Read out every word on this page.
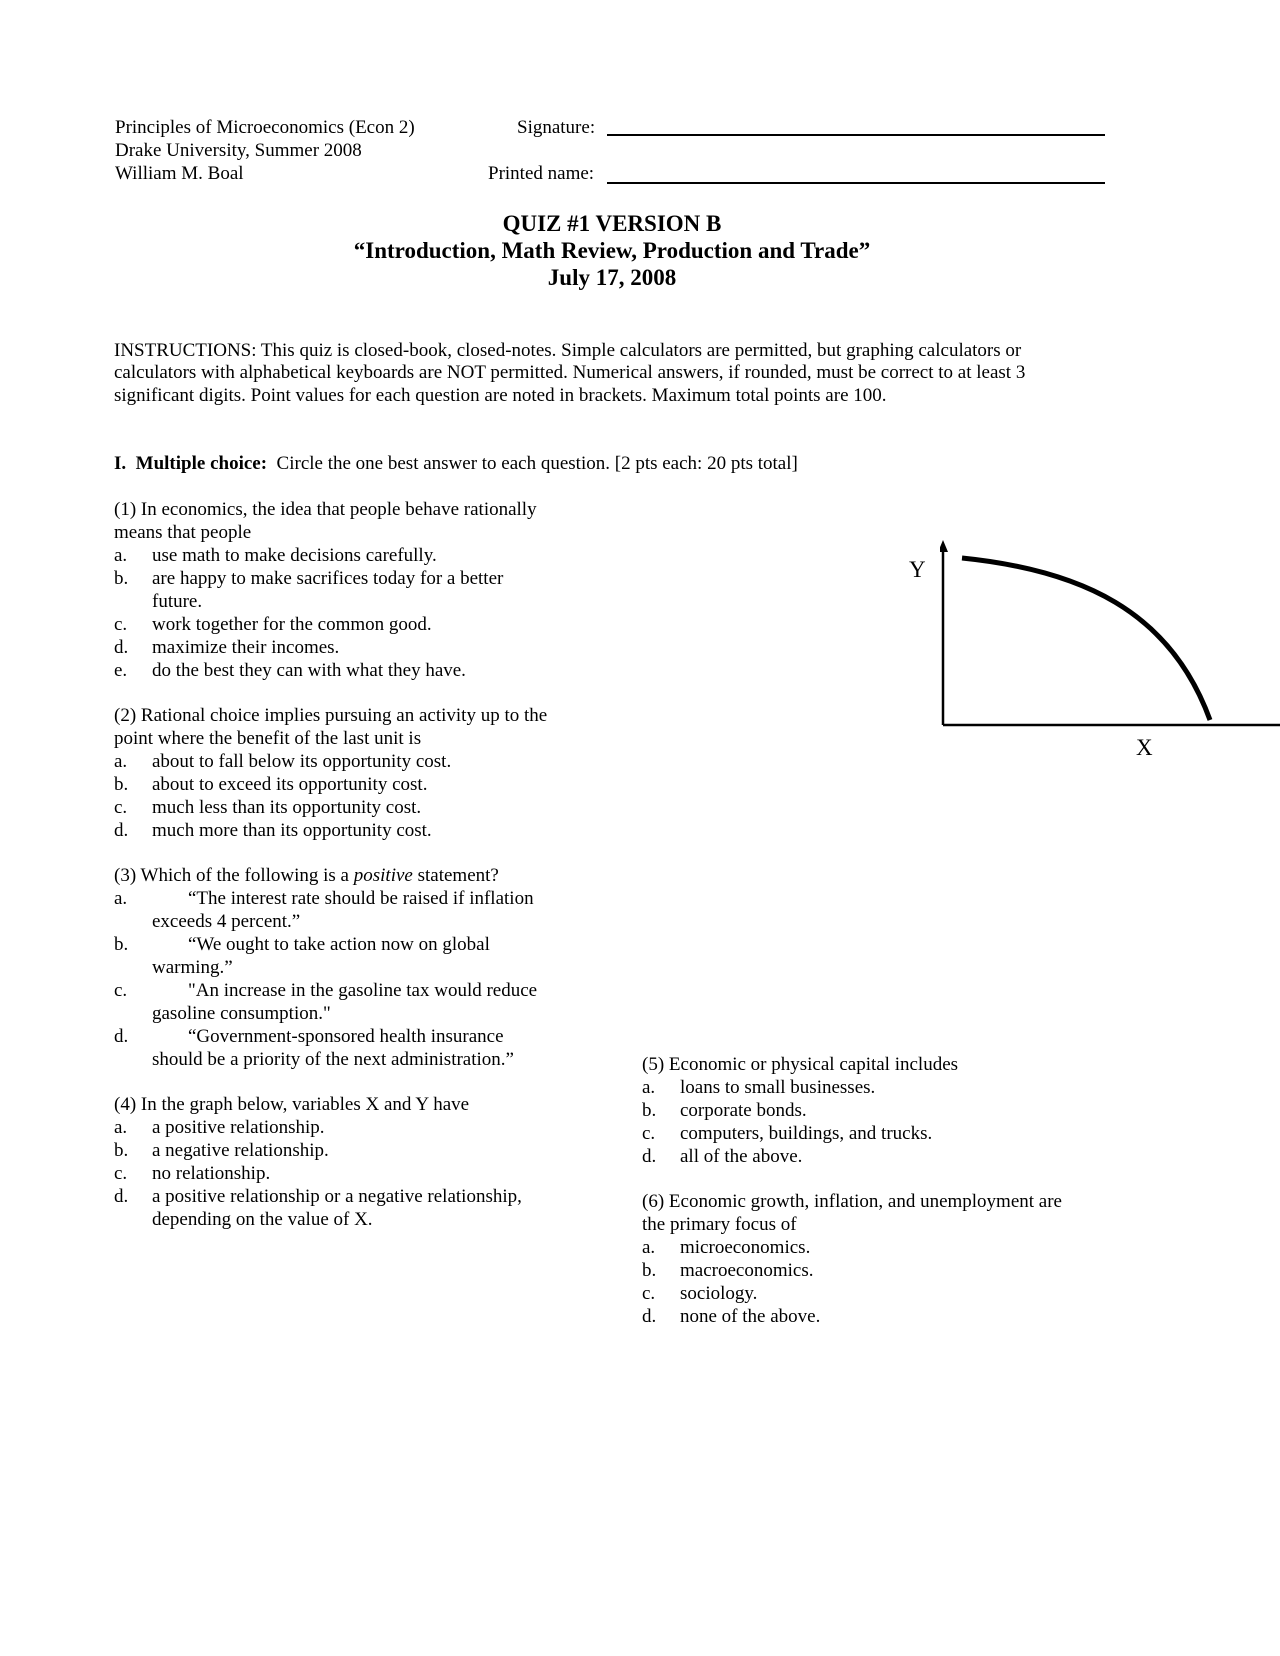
Principles of Microeconomics (Econ 2)
Drake University, Summer 2008
William M. Boal
Signature:
Printed name:
QUIZ #1 VERSION B
“Introduction, Math Review, Production and Trade”
July 17, 2008
INSTRUCTIONS: This quiz is closed-book, closed-notes. Simple calculators are permitted, but graphing calculators or
calculators with alphabetical keyboards are NOT permitted. Numerical answers, if rounded, must be correct to at least 3
significant digits. Point values for each question are noted in brackets. Maximum total points are 100.
I. Multiple choice: Circle the one best answer to each question. [2 pts each: 20 pts total]
(1) In economics, the idea that people behave rationally
means that people
a. use math to make decisions carefully.
b. are happy to make sacrifices today for a better
future.
c. work together for the common good.
d. maximize their incomes.
e. do the best they can with what they have.
(2) Rational choice implies pursuing an activity up to the
point where the benefit of the last unit is
a. about to fall below its opportunity cost.
b. about to exceed its opportunity cost.
c. much less than its opportunity cost.
d. much more than its opportunity cost.
(3) Which of the following is a positive statement?
a.	“The interest rate should be raised if inflation
exceeds 4 percent.”
b.	“We ought to take action now on global
warming.”
c.	"An increase in the gasoline tax would reduce
gasoline consumption."
d.	“Government-sponsored health insurance
should be a priority of the next administration.”
(4) In the graph below, variables X and Y have
a. a positive relationship.
b. a negative relationship.
c. no relationship.
d. a positive relationship or a negative relationship,
depending on the value of X.
Y
X
(5) Economic or physical capital includes
a. loans to small businesses.
b. corporate bonds.
c. computers, buildings, and trucks.
d. all of the above.
(6) Economic growth, inflation, and unemployment are
the primary focus of
a. microeconomics.
b. macroeconomics.
c. sociology.
d. none of the above.
